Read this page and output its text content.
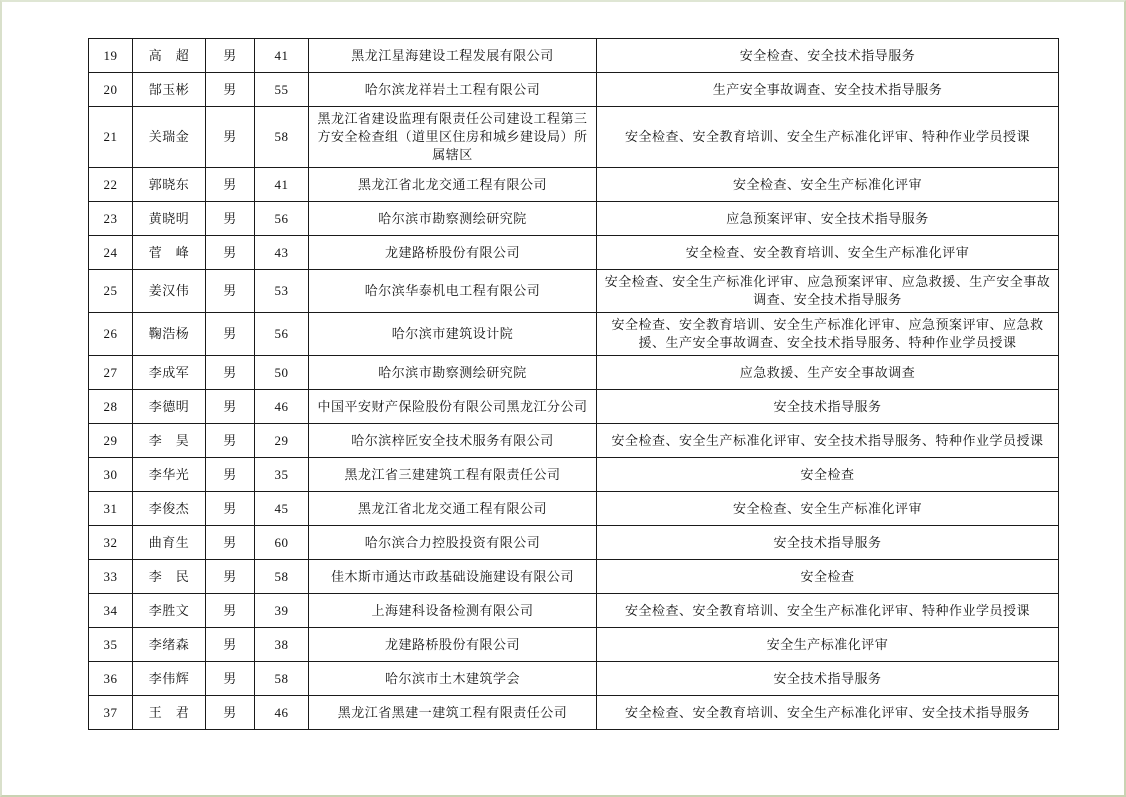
19	高　超	男	41	黑龙江星海建设工程发展有限公司	安全检查、安全技术指导服务
20	郜玉彬	男	55	哈尔滨龙祥岩土工程有限公司	生产安全事故调查、安全技术指导服务
21	关瑞金	男	58	黑龙江省建设监理有限责任公司建设工程第三方安全检查组（道里区住房和城乡建设局）所属辖区	安全检查、安全教育培训、安全生产标准化评审、特种作业学员授课
22	郭晓东	男	41	黑龙江省北龙交通工程有限公司	安全检查、安全生产标准化评审
23	黄晓明	男	56	哈尔滨市勘察测绘研究院	应急预案评审、安全技术指导服务
24	菅　峰	男	43	龙建路桥股份有限公司	安全检查、安全教育培训、安全生产标准化评审
25	姜汉伟	男	53	哈尔滨华泰机电工程有限公司	安全检查、安全生产标准化评审、应急预案评审、应急救援、生产安全事故调查、安全技术指导服务
26	鞠浩杨	男	56	哈尔滨市建筑设计院	安全检查、安全教育培训、安全生产标准化评审、应急预案评审、应急救援、生产安全事故调查、安全技术指导服务、特种作业学员授课
27	李成军	男	50	哈尔滨市勘察测绘研究院	应急救援、生产安全事故调查
28	李德明	男	46	中国平安财产保险股份有限公司黑龙江分公司	安全技术指导服务
29	李　昊	男	29	哈尔滨梓匠安全技术服务有限公司	安全检查、安全生产标准化评审、安全技术指导服务、特种作业学员授课
30	李华光	男	35	黑龙江省三建建筑工程有限责任公司	安全检查
31	李俊杰	男	45	黑龙江省北龙交通工程有限公司	安全检查、安全生产标准化评审
32	曲育生	男	60	哈尔滨合力控股投资有限公司	安全技术指导服务
33	李　民	男	58	佳木斯市通达市政基础设施建设有限公司	安全检查
34	李胜文	男	39	上海建科设备检测有限公司	安全检查、安全教育培训、安全生产标准化评审、特种作业学员授课
35	李绪森	男	38	龙建路桥股份有限公司	安全生产标准化评审
36	李伟辉	男	58	哈尔滨市土木建筑学会	安全技术指导服务
37	王　君	男	46	黑龙江省黑建一建筑工程有限责任公司	安全检查、安全教育培训、安全生产标准化评审、安全技术指导服务
